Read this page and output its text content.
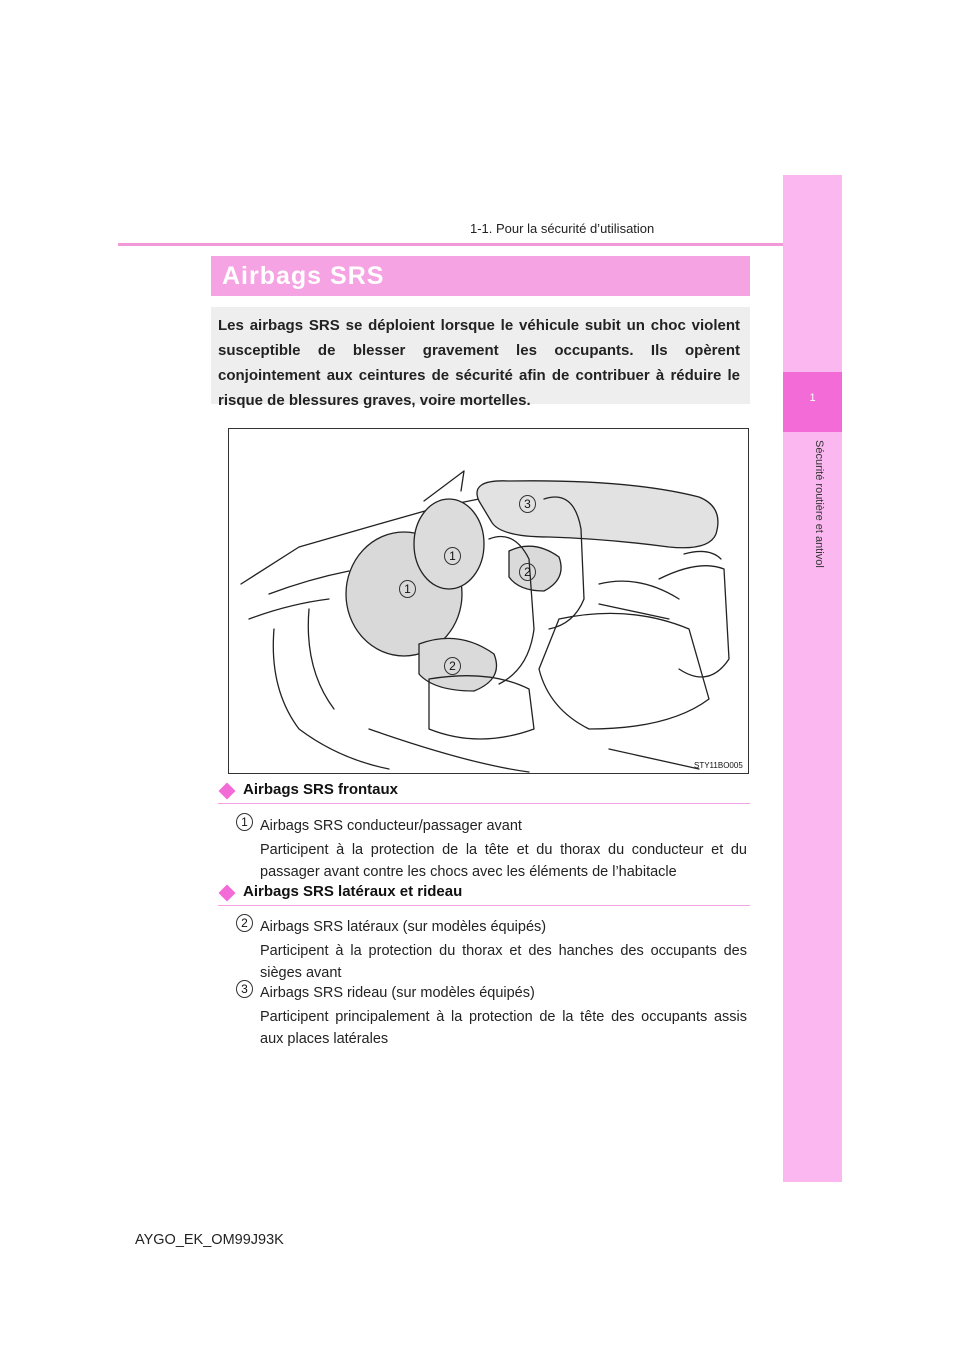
1-1. Pour la sécurité d’utilisation
1
Sécurité routière et antivol
Airbags SRS
Les airbags SRS se déploient lorsque le véhicule subit un choc violent susceptible de blesser gravement les occupants. Ils opèrent conjointement aux ceintures de sécurité afin de contribuer à réduire le risque de blessures graves, voire mortelles.
1
1
2
2
3
STY11BO005
Airbags SRS frontaux
1 Airbags SRS conducteur/passager avant
Participent à la protection de la tête et du thorax du conducteur et du passager avant contre les chocs avec les éléments de l’habitacle
Airbags SRS latéraux et rideau
2 Airbags SRS latéraux (sur modèles équipés)
Participent à la protection du thorax et des hanches des occupants des sièges avant
3 Airbags SRS rideau (sur modèles équipés)
Participent principalement à la protection de la tête des occupants assis aux places latérales
AYGO_EK_OM99J93K
